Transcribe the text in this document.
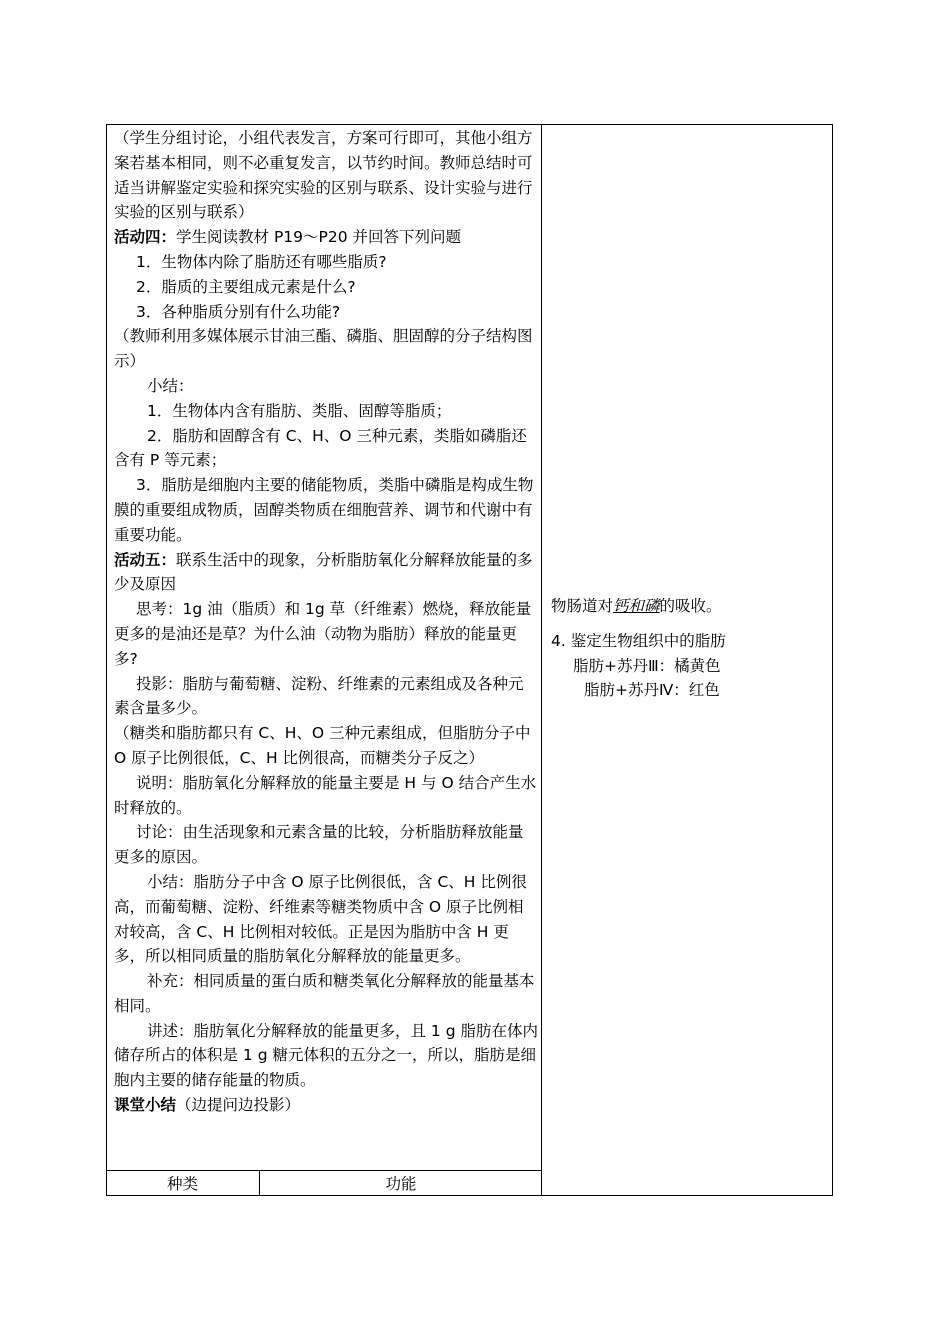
（学生分组讨论，小组代表发言，方案可行即可，其他小组方案若基本相同，则不必重复发言，以节约时间。教师总结时可适当讲解鉴定实验和探究实验的区别与联系、设计实验与进行实验的区别与联系）

活动四：学生阅读教材 P19～P20 并回答下列问题

1．生物体内除了脂肪还有哪些脂质?

2．脂质的主要组成元素是什么?

3．各种脂质分别有什么功能?

（教师利用多媒体展示甘油三酯、磷脂、胆固醇的分子结构图示）

小结：

1．生物体内含有脂肪、类脂、固醇等脂质；

2．脂肪和固醇含有 C、H、O 三种元素，类脂如磷脂还含有 P 等元素；

3．脂肪是细胞内主要的储能物质，类脂中磷脂是构成生物膜的重要组成物质，固醇类物质在细胞营养、调节和代谢中有重要功能。

活动五：联系生活中的现象，分析脂肪氧化分解释放能量的多少及原因

思考：1g 油（脂质）和 1g 草（纤维素）燃烧，释放能量更多的是油还是草？为什么油（动物为脂肪）释放的能量更多?

投影：脂肪与葡萄糖、淀粉、纤维素的元素组成及各种元素含量多少。

（糖类和脂肪都只有 C、H、O 三种元素组成，但脂肪分子中 O 原子比例很低，C、H 比例很高，而糖类分子反之）

说明：脂肪氧化分解释放的能量主要是 H 与 O 结合产生水时释放的。

讨论：由生活现象和元素含量的比较，分析脂肪释放能量更多的原因。

小结：脂肪分子中含 O 原子比例很低，含 C、H 比例很高，而葡萄糖、淀粉、纤维素等糖类物质中含 O 原子比例相对较高，含 C、H 比例相对较低。正是因为脂肪中含 H 更多，所以相同质量的脂肪氧化分解释放的能量更多。

补充：相同质量的蛋白质和糖类氧化分解释放的能量基本相同。

讲述：脂肪氧化分解释放的能量更多，且 1 g 脂肪在体内储存所占的体积是 1 g 糖元体积的五分之一，所以，脂肪是细胞内主要的储存能量的物质。

课堂小结（边提问边投影）

种类	功能

物肠道对钙和磷的吸收。

4. 鉴定生物组织中的脂肪

脂肪+苏丹Ⅲ：橘黄色

脂肪+苏丹Ⅳ：红色
